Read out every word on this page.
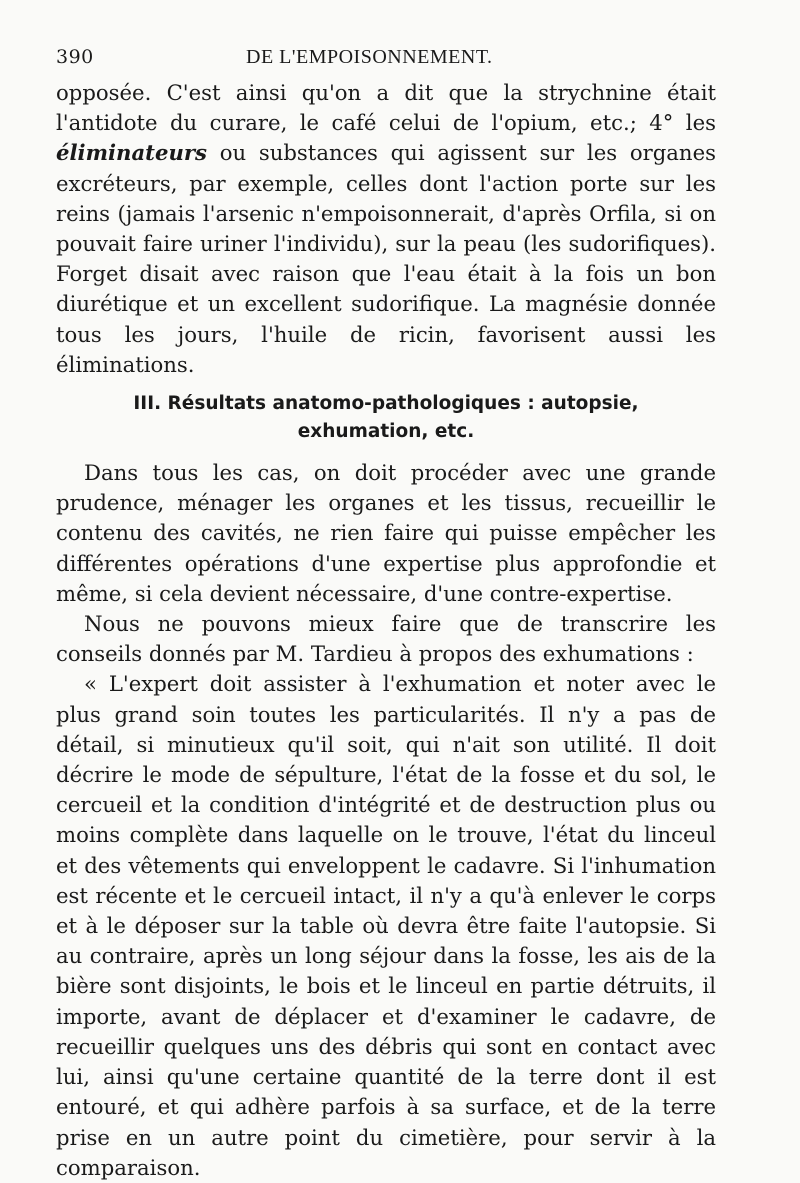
390	DE L'EMPOISONNEMENT.

opposée. C'est ainsi qu'on a dit que la strychnine était l'antidote du curare, le café celui de l'opium, etc.; 4° les éliminateurs ou substances qui agissent sur les organes excréteurs, par exemple, celles dont l'action porte sur les reins (jamais l'arsenic n'empoisonnerait, d'après Orfila, si on pouvait faire uriner l'individu), sur la peau (les sudorifiques). Forget disait avec raison que l'eau était à la fois un bon diurétique et un excellent sudorifique. La magnésie donnée tous les jours, l'huile de ricin, favorisent aussi les éliminations.

III. Résultats anatomo-pathologiques : autopsie, exhumation, etc.

Dans tous les cas, on doit procéder avec une grande prudence, ménager les organes et les tissus, recueillir le contenu des cavités, ne rien faire qui puisse empêcher les différentes opérations d'une expertise plus approfondie et même, si cela devient nécessaire, d'une contre-expertise.

Nous ne pouvons mieux faire que de transcrire les conseils donnés par M. Tardieu à propos des exhumations :

« L'expert doit assister à l'exhumation et noter avec le plus grand soin toutes les particularités. Il n'y a pas de détail, si minutieux qu'il soit, qui n'ait son utilité. Il doit décrire le mode de sépulture, l'état de la fosse et du sol, le cercueil et la condition d'intégrité et de destruction plus ou moins complète dans laquelle on le trouve, l'état du linceul et des vêtements qui enveloppent le cadavre. Si l'inhumation est récente et le cercueil intact, il n'y a qu'à enlever le corps et à le déposer sur la table où devra être faite l'autopsie. Si au contraire, après un long séjour dans la fosse, les ais de la bière sont disjoints, le bois et le linceul en partie détruits, il importe, avant de déplacer et d'examiner le cadavre, de recueillir quelques uns des débris qui sont en contact avec lui, ainsi qu'une certaine quantité de la terre dont il est entouré, et qui adhère parfois à sa surface, et de la terre prise en un autre point du cimetière, pour servir à la comparaison.
